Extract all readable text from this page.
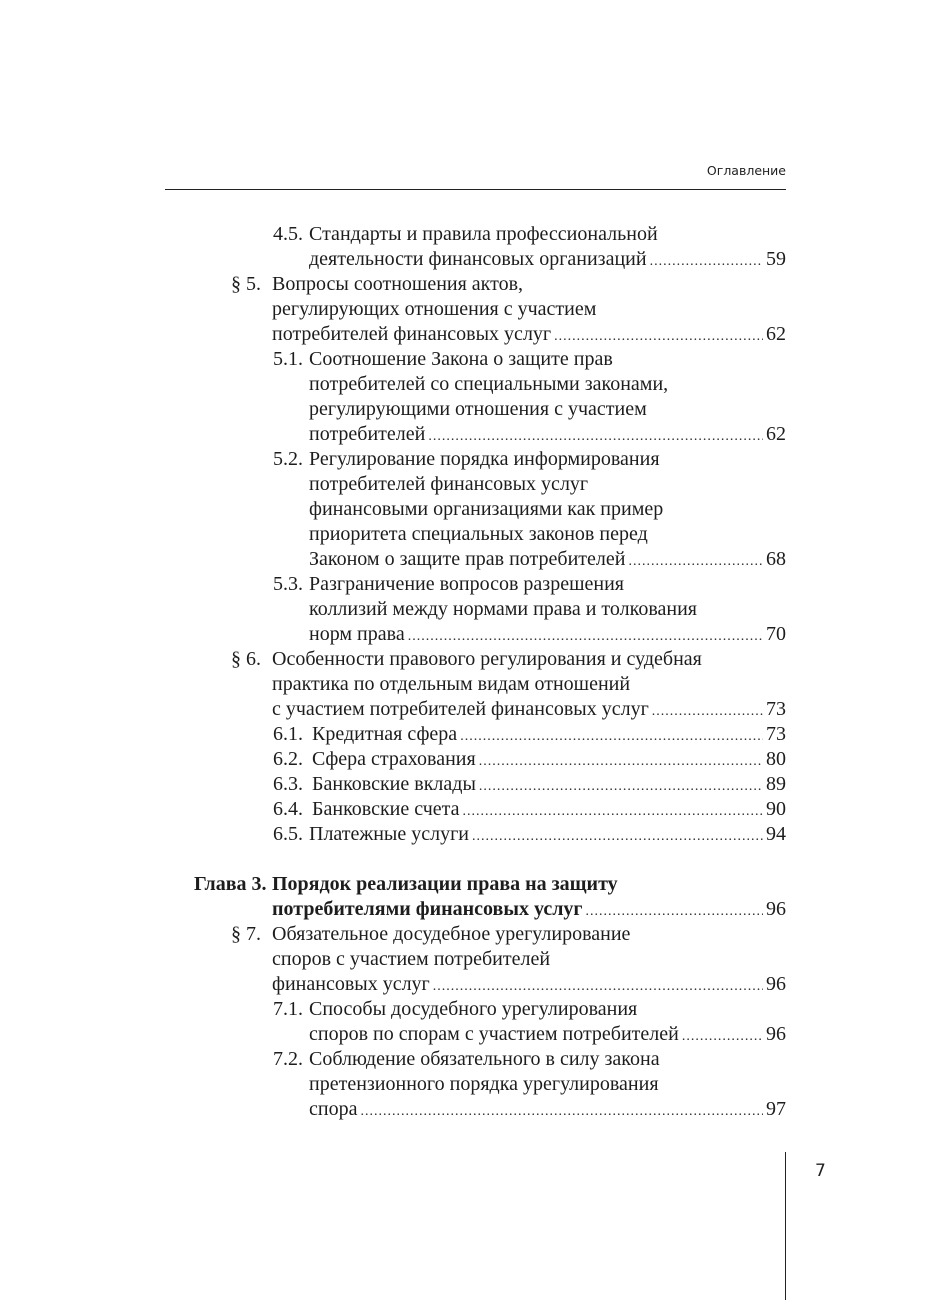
Оглавление
4.5. Стандарты и правила профессиональной
деятельности финансовых организаций .....	59
§ 5. Вопросы соотношения актов,
регулирующих отношения с участием
потребителей финансовых услуг .....	62
5.1. Соотношение Закона о защите прав
потребителей со специальными законами,
регулирующими отношения с участием
потребителей .....	62
5.2. Регулирование порядка информирования
потребителей финансовых услуг
финансовыми организациями как пример
приоритета специальных законов перед
Законом о защите прав потребителей .....	68
5.3. Разграничение вопросов разрешения
коллизий между нормами права и толкования
норм права .....	70
§ 6. Особенности правового регулирования и судебная
практика по отдельным видам отношений
с участием потребителей финансовых услуг .....	73
6.1. Кредитная сфера .....	73
6.2. Сфера страхования .....	80
6.3. Банковские вклады .....	89
6.4. Банковские счета .....	90
6.5. Платежные услуги .....	94
Глава 3. Порядок реализации права на защиту
потребителями финансовых услуг .....	96
§ 7. Обязательное досудебное урегулирование
споров с участием потребителей
финансовых услуг .....	96
7.1. Способы досудебного урегулирования
споров по спорам с участием потребителей .....	96
7.2. Соблюдение обязательного в силу закона
претензионного порядка урегулирования
спора .....	97
7
